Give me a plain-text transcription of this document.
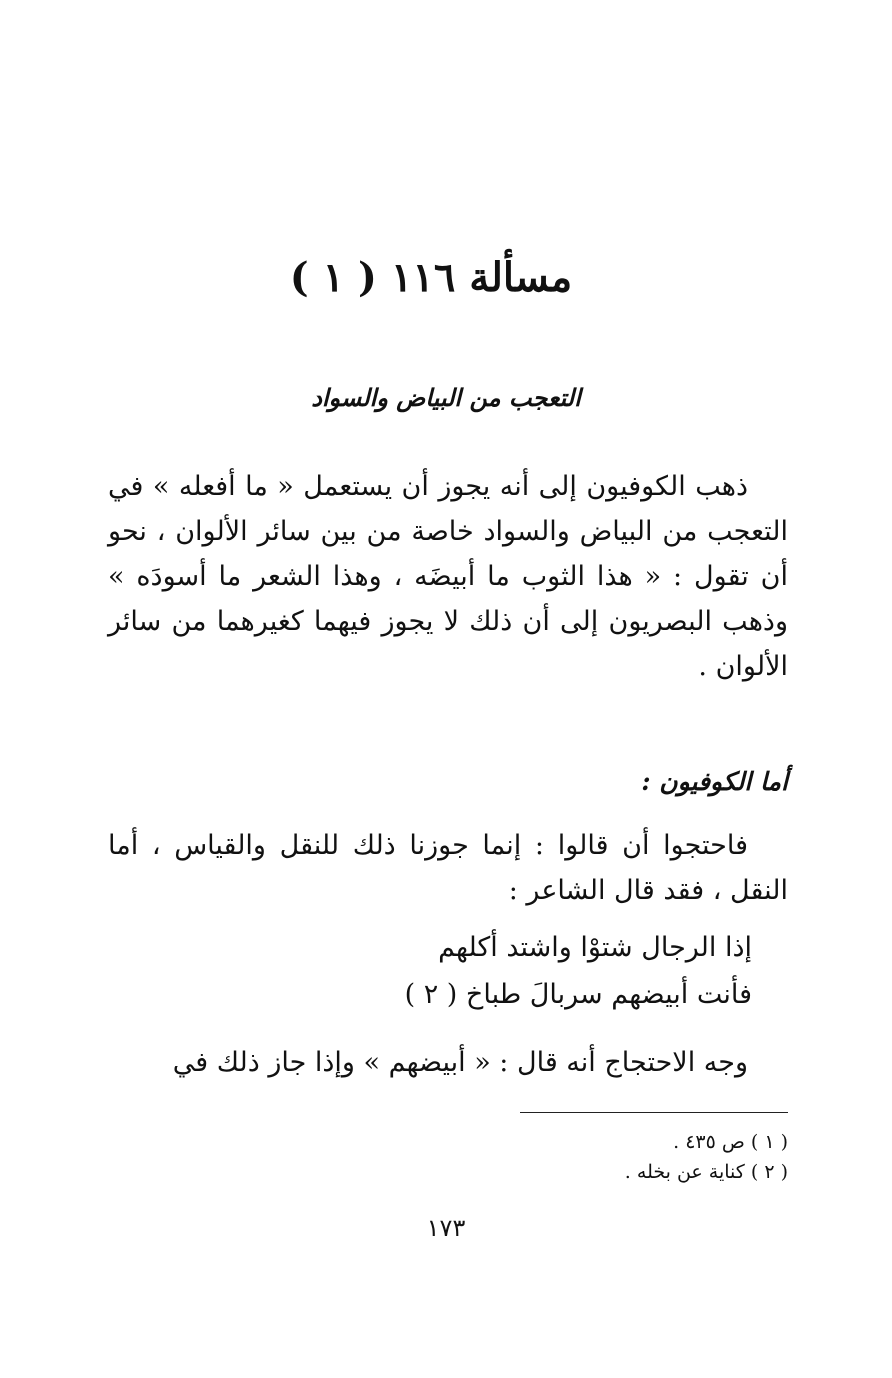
مسألة ١١٦ ( ١ )
التعجب من البياض والسواد
ذهب الكوفيون إلى أنه يجوز أن يستعمل « ما أفعله » في التعجب من البياض والسواد خاصة من بين سائر الألوان ، نحو أن تقول : « هذا الثوب ما أبيضَه ، وهذا الشعر ما أسودَه » وذهب البصريون إلى أن ذلك لا يجوز فيهما كغيرهما من سائر الألوان .
أما الكوفيون :
فاحتجوا أن قالوا : إنما جوزنا ذلك للنقل والقياس ، أما النقل ، فقد قال الشاعر :
إذا الرجال شتوْا واشتد أكلهم
فأنت أبيضهم سربالَ طباخ ( ٢ )
وجه الاحتجاج أنه قال : « أبيضهم » وإذا جاز ذلك في
( ١ ) ص ٤٣٥ .
( ٢ ) كناية عن بخله .
١٧٣
